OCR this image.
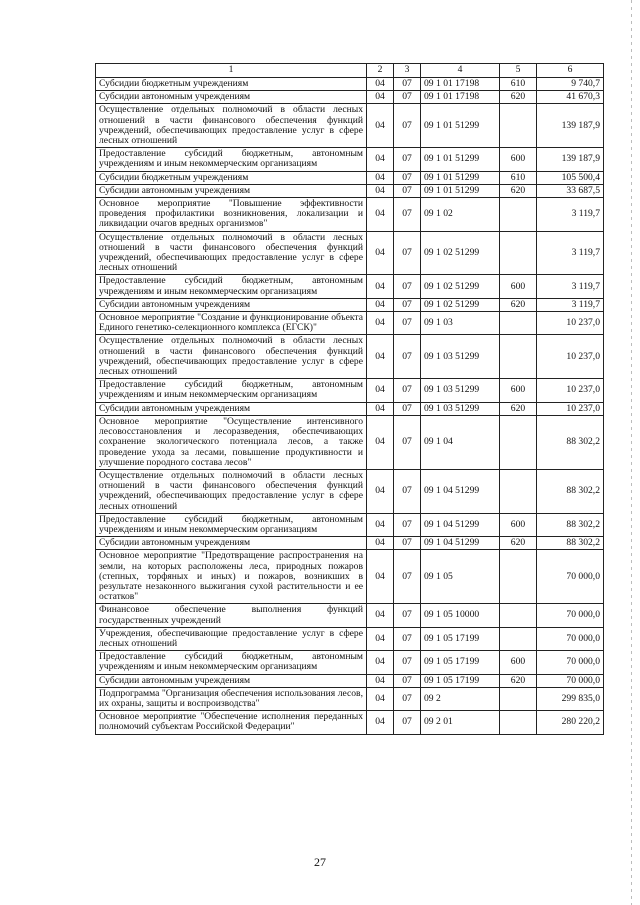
1	2	3	4	5	6
Субсидии бюджетным учреждениям	04	07	09 1 01 17198	610	9 740,7
Субсидии автономным учреждениям	04	07	09 1 01 17198	620	41 670,3
Осуществление отдельных полномочий в области лесных отношений в части финансового обеспечения функций учреждений, обеспечивающих предоставление услуг в сфере лесных отношений	04	07	09 1 01 51299		139 187,9
Предоставление субсидий бюджетным, автономным учреждениям и иным некоммерческим организациям	04	07	09 1 01 51299	600	139 187,9
Субсидии бюджетным учреждениям	04	07	09 1 01 51299	610	105 500,4
Субсидии автономным учреждениям	04	07	09 1 01 51299	620	33 687,5
Основное мероприятие "Повышение эффективности проведения профилактики возникновения, локализации и ликвидации очагов вредных организмов"	04	07	09 1 02		3 119,7
Осуществление отдельных полномочий в области лесных отношений в части финансового обеспечения функций учреждений, обеспечивающих предоставление услуг в сфере лесных отношений	04	07	09 1 02 51299		3 119,7
Предоставление субсидий бюджетным, автономным учреждениям и иным некоммерческим организациям	04	07	09 1 02 51299	600	3 119,7
Субсидии автономным учреждениям	04	07	09 1 02 51299	620	3 119,7
Основное мероприятие "Создание и функционирование объекта Единого генетико-селекционного комплекса (ЕГСК)"	04	07	09 1 03		10 237,0
Осуществление отдельных полномочий в области лесных отношений в части финансового обеспечения функций учреждений, обеспечивающих предоставление услуг в сфере лесных отношений	04	07	09 1 03 51299		10 237,0
Предоставление субсидий бюджетным, автономным учреждениям и иным некоммерческим организациям	04	07	09 1 03 51299	600	10 237,0
Субсидии автономным учреждениям	04	07	09 1 03 51299	620	10 237,0
Основное мероприятие "Осуществление интенсивного лесовосстановления и лесоразведения, обеспечивающих сохранение экологического потенциала лесов, а также проведение ухода за лесами, повышение продуктивности и улучшение породного состава лесов"	04	07	09 1 04		88 302,2
Осуществление отдельных полномочий в области лесных отношений в части финансового обеспечения функций учреждений, обеспечивающих предоставление услуг в сфере лесных отношений	04	07	09 1 04 51299		88 302,2
Предоставление субсидий бюджетным, автономным учреждениям и иным некоммерческим организациям	04	07	09 1 04 51299	600	88 302,2
Субсидии автономным учреждениям	04	07	09 1 04 51299	620	88 302,2
Основное мероприятие "Предотвращение распространения на земли, на которых расположены леса, природных пожаров (степных, торфяных и иных) и пожаров, возникших в результате незаконного выжигания сухой растительности и ее остатков"	04	07	09 1 05		70 000,0
Финансовое обеспечение выполнения функций государственных учреждений	04	07	09 1 05 10000		70 000,0
Учреждения, обеспечивающие предоставление услуг в сфере лесных отношений	04	07	09 1 05 17199		70 000,0
Предоставление субсидий бюджетным, автономным учреждениям и иным некоммерческим организациям	04	07	09 1 05 17199	600	70 000,0
Субсидии автономным учреждениям	04	07	09 1 05 17199	620	70 000,0
Подпрограмма "Организация обеспечения использования лесов, их охраны, защиты и воспроизводства"	04	07	09 2		299 835,0
Основное мероприятие "Обеспечение исполнения переданных полномочий субъектам Российской Федерации"	04	07	09 2 01		280 220,2
27
